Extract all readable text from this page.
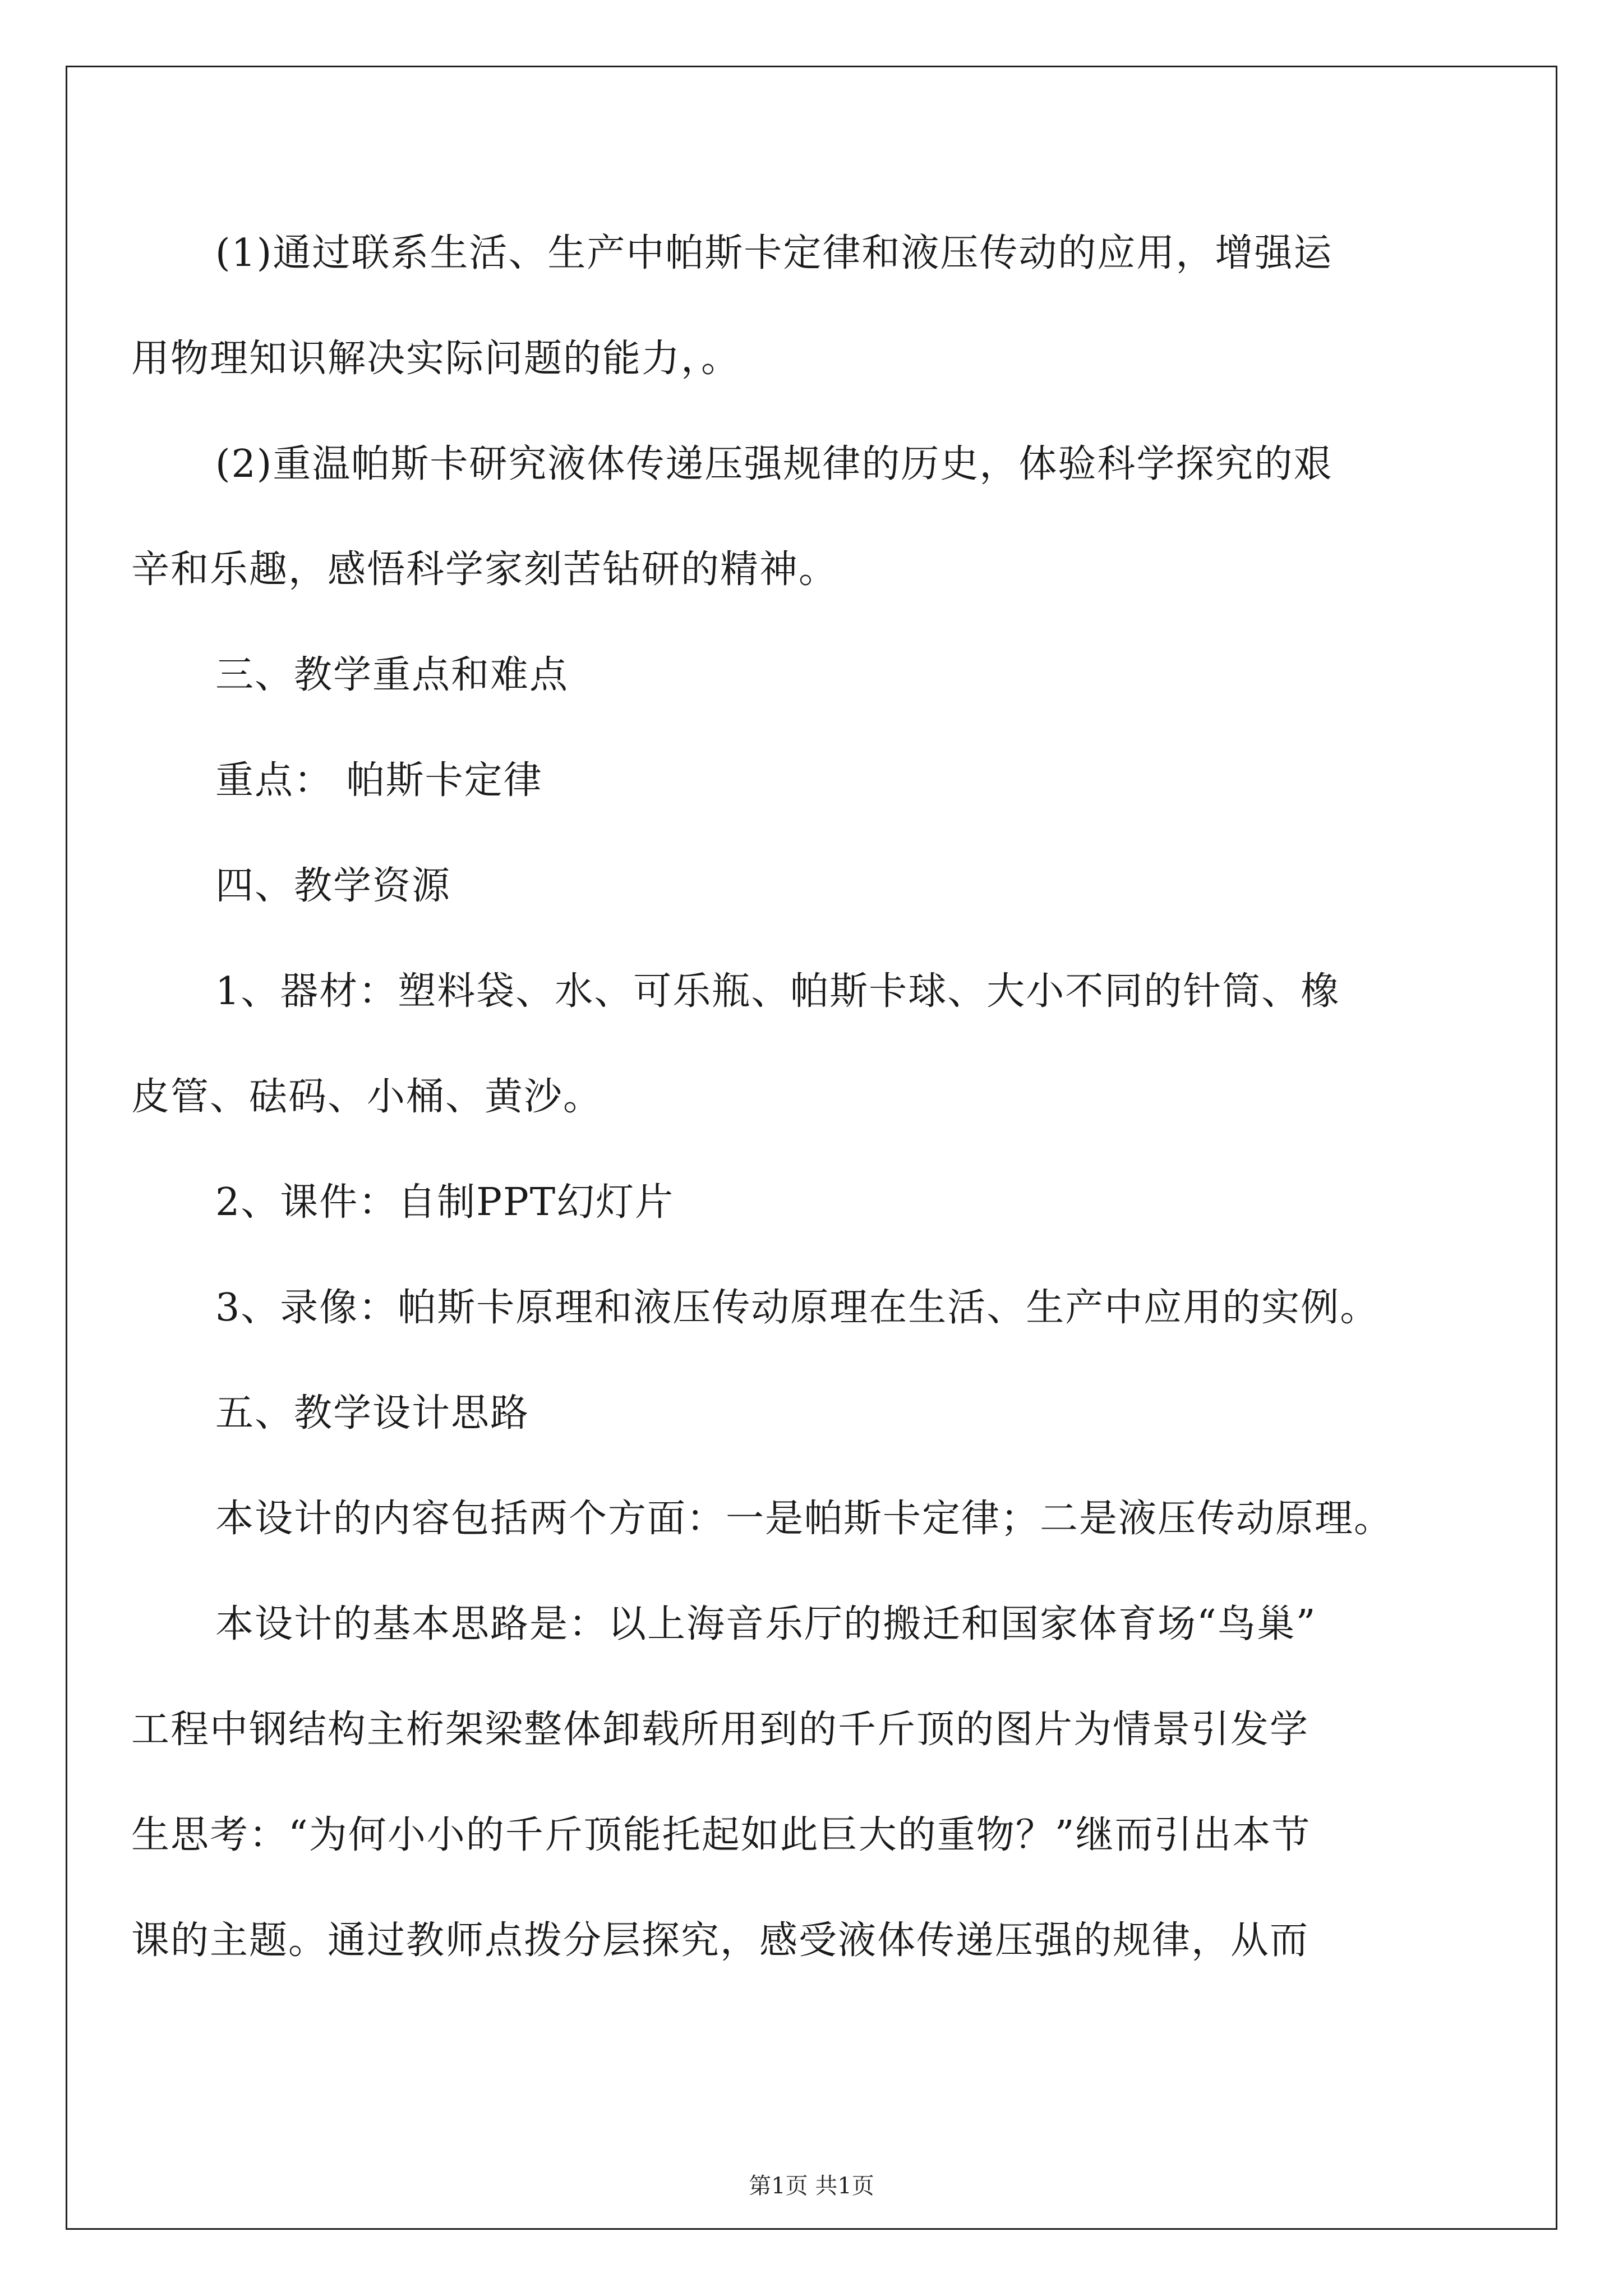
(1)通过联系生活、生产中帕斯卡定律和液压传动的应用，增强运
用物理知识解决实际问题的能力，。
(2)重温帕斯卡研究液体传递压强规律的历史，体验科学探究的艰
辛和乐趣，感悟科学家刻苦钻研的精神。
三、教学重点和难点
重点： 帕斯卡定律
四、教学资源
1、器材：塑料袋、水、可乐瓶、帕斯卡球、大小不同的针筒、橡
皮管、砝码、小桶、黄沙。
2、课件：自制PPT幻灯片
3、录像：帕斯卡原理和液压传动原理在生活、生产中应用的实例。
五、教学设计思路
本设计的内容包括两个方面：一是帕斯卡定律；二是液压传动原理。
本设计的基本思路是：以上海音乐厅的搬迁和国家体育场“鸟巢”
工程中钢结构主桁架梁整体卸载所用到的千斤顶的图片为情景引发学
生思考：“为何小小的千斤顶能托起如此巨大的重物？”继而引出本节
课的主题。通过教师点拨分层探究，感受液体传递压强的规律，从而
第1页 共1页
